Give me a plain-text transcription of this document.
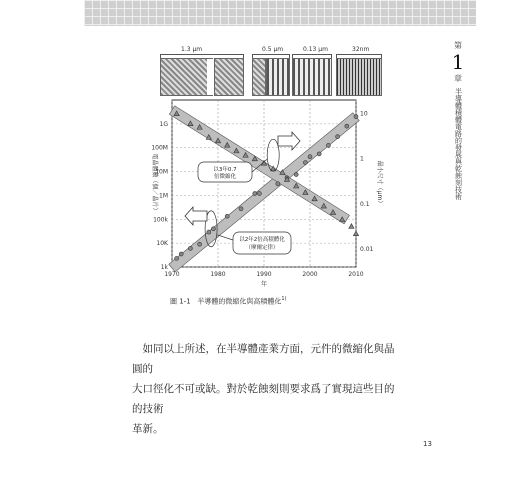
1.3 μm	0.5 μm	0.13 μm	32nm
1970	1980	1990	2000	2010
1k
10K
100k
1M
10M
100M
1G
0.01
0.1
1
10
年
電晶體數（個／晶片）	最小尺寸（μm）
以3年0.7
倍微縮化
以2年2倍高積體化
（摩爾定律）
圖 1-1 半導體的微縮化與高積體化$^{1)}$

如同以上所述，在半導體產業方面，元件的微縮化與晶圓的

大口徑化不可或缺。對於乾蝕刻則要求爲了實現這些目的的技術

革新。

第
1
章
半導體積體電路的發展與乾蝕刻技術
13
